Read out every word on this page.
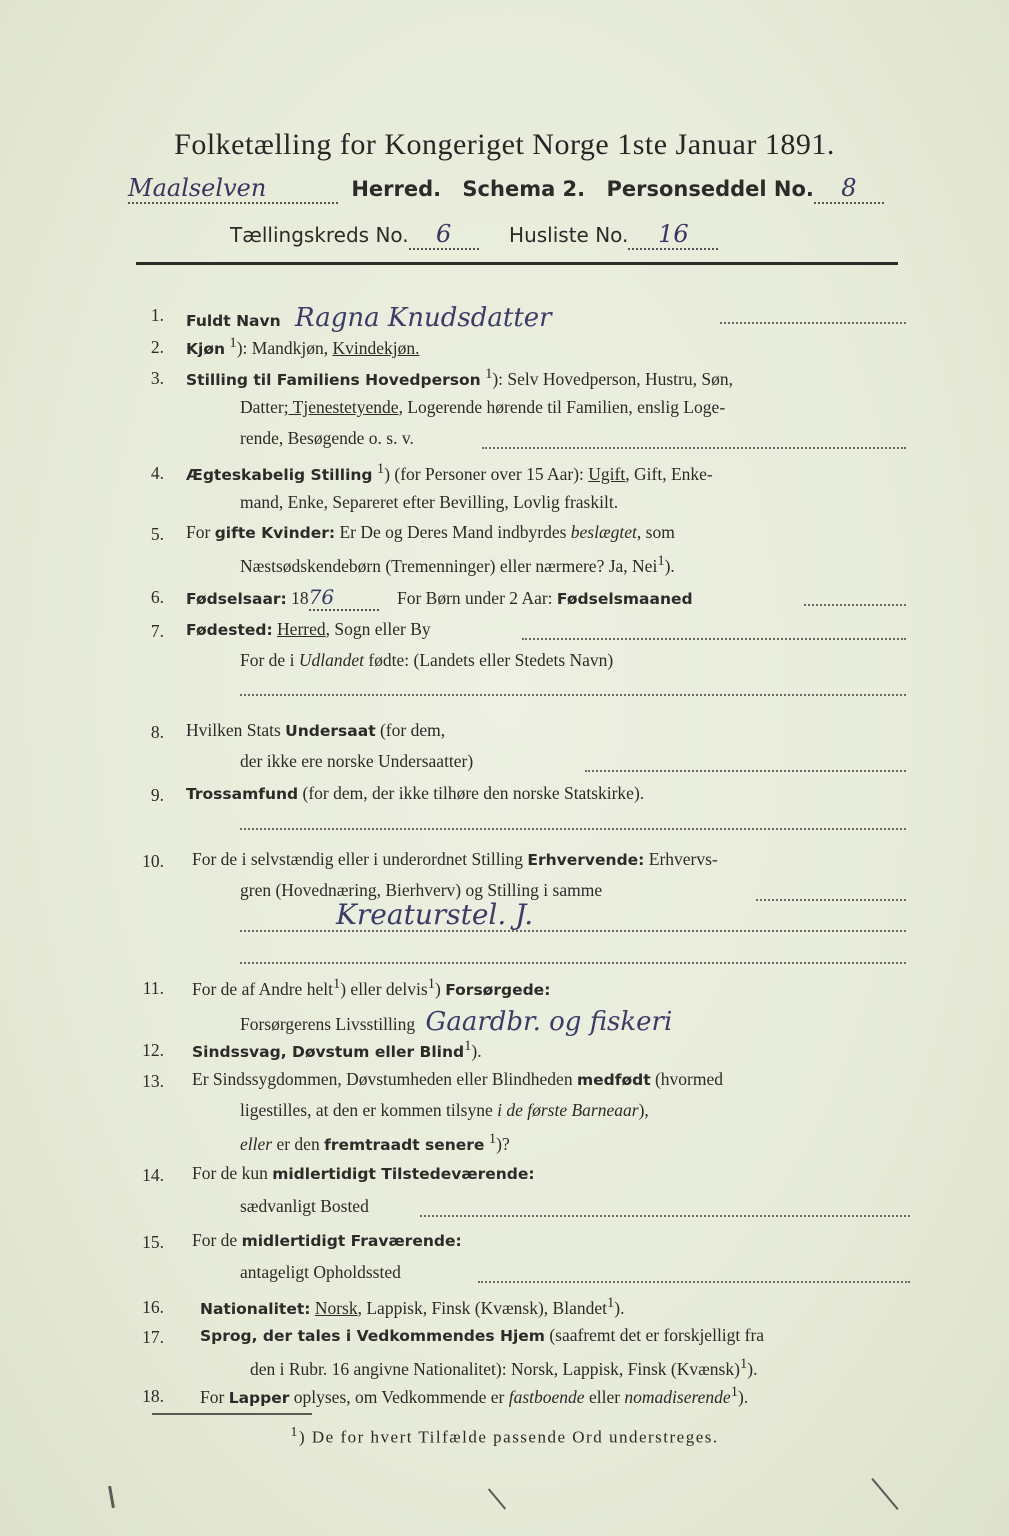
Folketælling for Kongeriget Norge 1ste Januar 1891.
Maalselven	Herred. Schema 2. Personseddel No. 8
Tællingskreds No. 6	Husliste No. 16
1. Fuldt Navn Ragna Knudsdatter
2. Kjøn $^1$): Mandkjøn, Kvindekjøn.
3. Stilling til Familiens Hovedperson $^1$): Selv Hovedperson, Hustru, Søn,
Datter; Tjenestetyende, Logerende hørende til Familien, enslig Loge-
rende, Besøgende o. s. v.
4. Ægteskabelig Stilling $^1$) (for Personer over 15 Aar): Ugift, Gift, Enke-
mand, Enke, Separeret efter Bevilling, Lovlig fraskilt.
5. For gifte Kvinder: Er De og Deres Mand indbyrdes beslægtet, som
Næstsødskendebørn (Tremenninger) eller nærmere? Ja, Nei$^1$).
6. Fødselsaar: 1876	For Børn under 2 Aar: Fødselsmaaned
7. Fødested: Herred, Sogn eller By
For de i Udlandet fødte: (Landets eller Stedets Navn)
8. Hvilken Stats Undersaat (for dem,
der ikke ere norske Undersaatter)
9. Trossamfund (for dem, der ikke tilhøre den norske Statskirke).
10. For de i selvstændig eller i underordnet Stilling Erhvervende: Erhvervs-
gren (Hovednæring, Bierhverv) og Stilling i samme
Kreaturstel. J.
11. For de af Andre helt$^1$) eller delvis$^1$) Forsørgede:
Forsørgerens Livsstilling Gaardbr. og fiskeri
12. Sindssvag, Døvstum eller Blind$^1$).
13. Er Sindssygdommen, Døvstumheden eller Blindheden medfødt (hvormed
ligestilles, at den er kommen tilsyne i de første Barneaar),
eller er den fremtraadt senere $^1$)?
14. For de kun midlertidigt Tilstedeværende:
sædvanligt Bosted
15. For de midlertidigt Fraværende:
antageligt Opholdssted
16. Nationalitet: Norsk, Lappisk, Finsk (Kvænsk), Blandet$^1$).
17. Sprog, der tales i Vedkommendes Hjem (saafremt det er forskjelligt fra
den i Rubr. 16 angivne Nationalitet): Norsk, Lappisk, Finsk (Kvænsk)$^1$).
18. For Lapper oplyses, om Vedkommende er fastboende eller nomadiserende$^1$).
$^1$) De for hvert Tilfælde passende Ord understreges.
